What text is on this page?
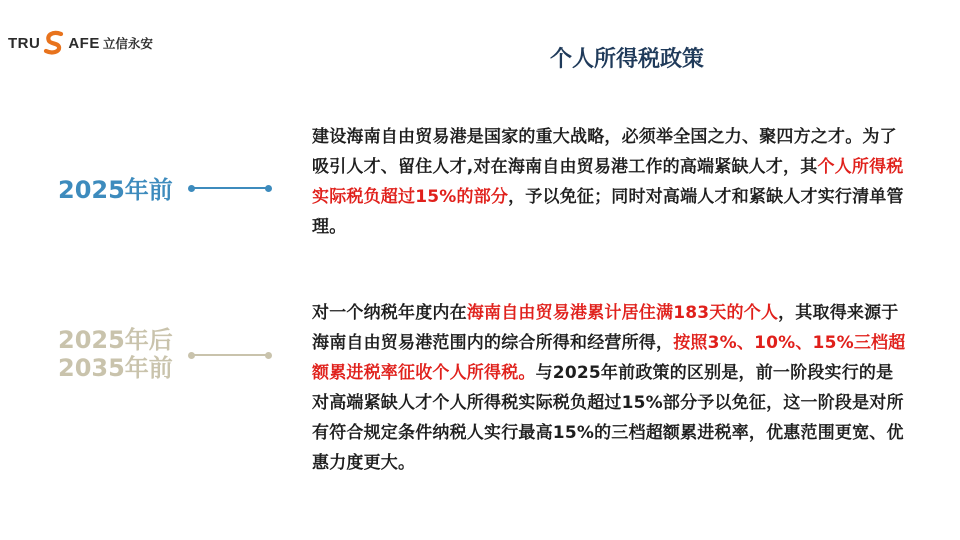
TRU AFE 立信永安
个人所得税政策
2025年前
建设海南自由贸易港是国家的重大战略，必须举全国之力、聚四方之才。为了吸引人才、留住人才,对在海南自由贸易港工作的高端紧缺人才，其个人所得税实际税负超过15%的部分，予以免征；同时对高端人才和紧缺人才实行清单管理。
2025年后
2035年前
对一个纳税年度内在海南自由贸易港累计居住满183天的个人，其取得来源于海南自由贸易港范围内的综合所得和经营所得，按照3%、10%、15%三档超额累进税率征收个人所得税。与2025年前政策的区别是，前一阶段实行的是对高端紧缺人才个人所得税实际税负超过15%部分予以免征，这一阶段是对所有符合规定条件纳税人实行最高15%的三档超额累进税率，优惠范围更宽、优惠力度更大。
